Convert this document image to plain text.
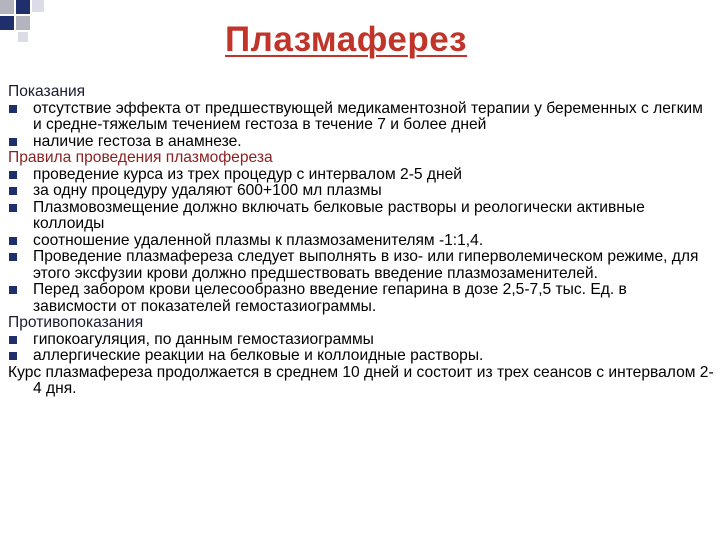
Плазмаферез
Показания
отсутствие эффекта от предшествующей медикаментозной терапии у беременных с легким и средне-тяжелым течением гестоза в течение 7 и более дней
наличие гестоза в анамнезе.
Правила проведения плазмофереза
проведение курса из трех процедур с интервалом 2-5 дней
за одну процедуру удаляют 600+100 мл плазмы
Плазмовозмещение должно включать белковые растворы и реологически активные коллоиды
соотношение удаленной плазмы к плазмозаменителям -1:1,4.
Проведение плазмафереза следует выполнять в изо- или гиперволемическом режиме, для этого эксфузии крови должно предшествовать введение плазмозаменителей.
Перед забором крови целесообразно введение гепарина в дозе 2,5-7,5 тыс. Ед. в зависмости от показателей гемостазиограммы.
Противопоказания
гипокоагуляция, по данным гемостазиограммы
аллергические реакции на белковые и коллоидные растворы.
Курс плазмафереза продолжается в среднем 10 дней и состоит из трех сеансов с интервалом 2-4 дня.
